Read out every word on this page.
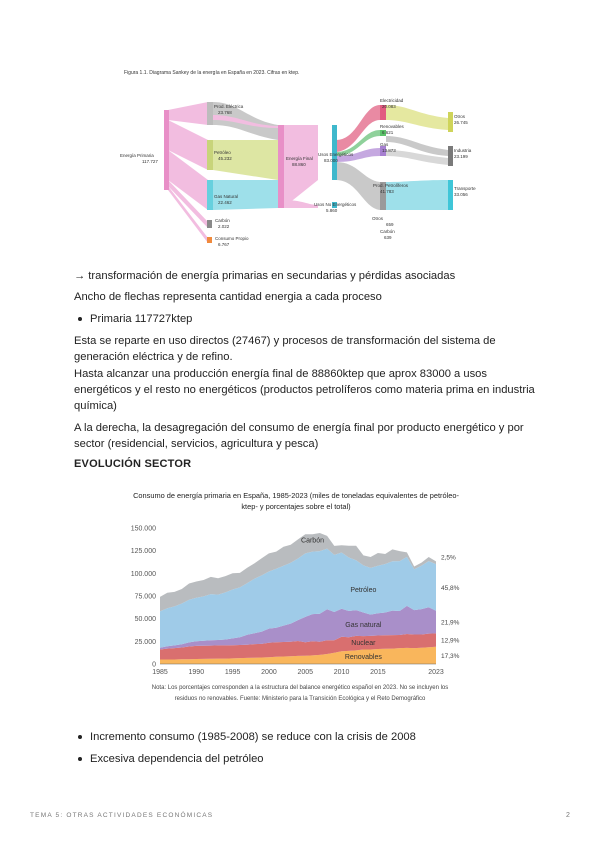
Figura 1.1. Diagrama Sankey de la energía en España en 2023. Cifras en ktep.
Energía Primaria
117.727
Prod. Eléctrica
23.768
Petróleo
45.232
Gas Natural
22.462
Carbón
2.022
Consumo Propio
6.767
Energía Final
88.860
Usos Energéticos
83.000
Usos No Energéticos
5.860
Electricidad
20.083
Renovables
6.621
Gas
13.873
Prod. Petrolíferos
41.783
Otros
659
Carbón
639
Otros
26.745
Industria
23.199
Transporte
33.056
→ transformación de energía primarias en secundarias y pérdidas asociadas
Ancho de flechas representa cantidad energia a cada proceso
Primaria 117727ktep
Esta se reparte en uso directos (27467) y procesos de transformación del sistema de generación eléctrica y de refino.
Hasta alcanzar una producción energía final de 88860ktep que aprox 83000 a usos energéticos y el resto no energéticos (productos petrolíferos como materia prima en industria química)
A la derecha, la desagregación del consumo de energía final por producto energético y por sector (residencial, servicios, agricultura y pesca)
EVOLUCIÓN SECTOR
Consumo de energía primaria en España, 1985-2023 (miles de toneladas equivalentes de petróleo- ktep- y porcentajes sobre el total)
0
25.000
50.000
75.000
100.000
125.000
150.000
Renovables	17,3%
Nuclear	12,9%
Gas natural	21,9%
Petróleo	45,8%
Carbón
2,5%
1985	1990	1995	2000	2005	2010	2015	2023
Nota: Los porcentajes corresponden a la estructura del balance energético español en 2023. No se incluyen los residuos no renovables. Fuente: Ministerio para la Transición Ecológica y el Reto Demográfico
Incremento consumo (1985-2008) se reduce con la crisis de 2008
Excesiva dependencia del petróleo
TEMA 5: OTRAS ACTIVIDADES ECONÓMICAS	2
